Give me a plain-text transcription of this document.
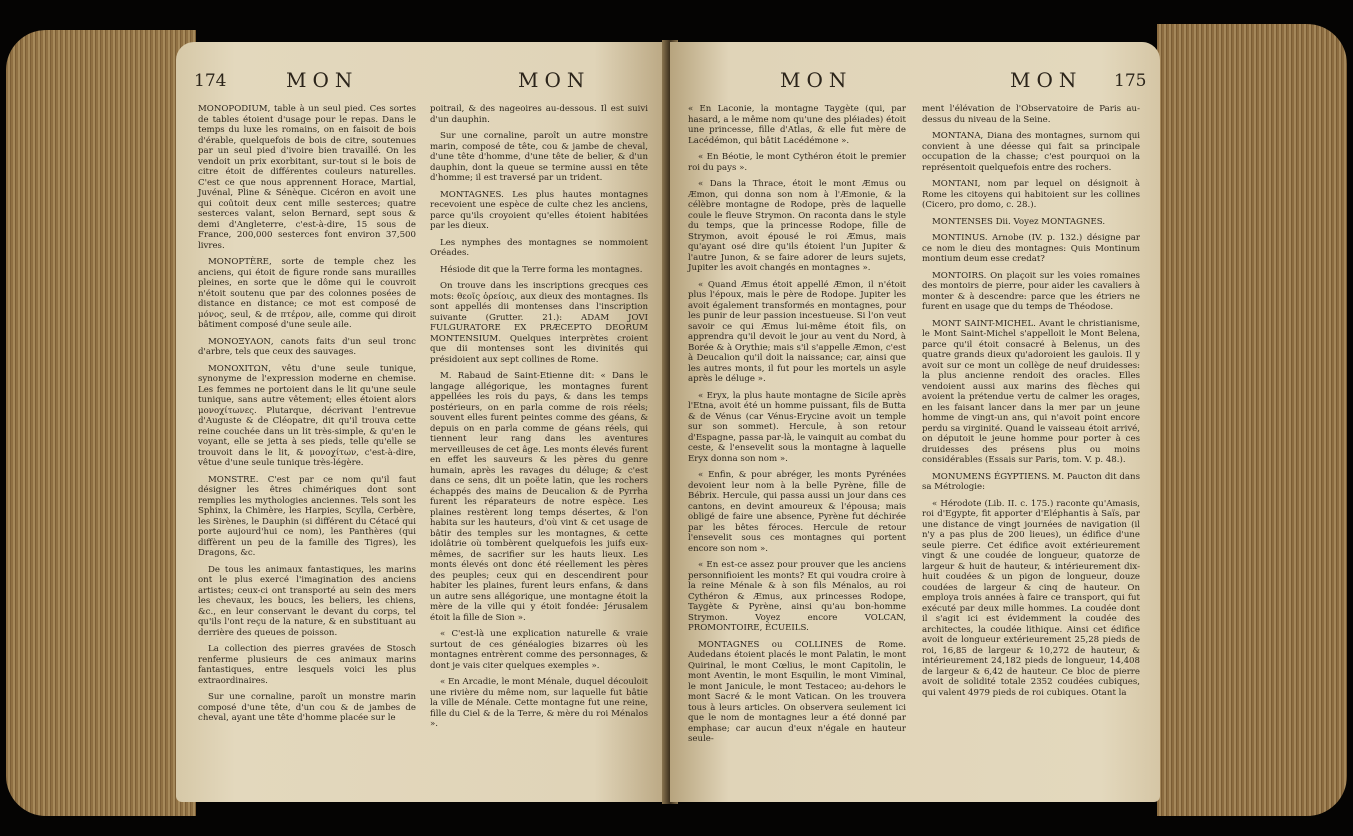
174	MON	MON

MONOPODIUM, table à un seul pied. Ces sortes de tables étoient d'usage pour le repas. Dans le temps du luxe les romains, on en faisoit de bois d'érable, quelquefois de bois de citre, soutenues par un seul pied d'ivoire bien travaillé. On les vendoit un prix exorbitant, sur-tout si le bois de citre étoit de différentes couleurs naturelles. C'est ce que nous apprennent Horace, Martial, Juvénal, Pline & Sénèque. Cicéron en avoit une qui coûtoit deux cent mille sesterces; quatre sesterces valant, selon Bernard, sept sous & demi d'Angleterre, c'est-à-dire, 15 sous de France, 200,000 sesterces font environ 37,500 livres.

MONOPTÈRE, sorte de temple chez les anciens, qui étoit de figure ronde sans murailles pleines, en sorte que le dôme qui le couvroit n'étoit soutenu que par des colonnes posées de distance en distance; ce mot est composé de μόνος, seul, & de πτέρον, aile, comme qui diroit bâtiment composé d'une seule aile.

ΜΟΝΟΞΥΛΟΝ, canots faits d'un seul tronc d'arbre, tels que ceux des sauvages.

ΜΟΝΟΧΙΤΩΝ, vêtu d'une seule tunique, synonyme de l'expression moderne en chemise. Les femmes ne portoient dans le lit qu'une seule tunique, sans autre vêtement; elles étoient alors μονοχίτωνες. Plutarque, décrivant l'entrevue d'Auguste & de Cléopatre, dit qu'il trouva cette reine couchée dans un lit très-simple, & qu'en le voyant, elle se jetta à ses pieds, telle qu'elle se trouvoit dans le lit, & μονοχίτων, c'est-à-dire, vêtue d'une seule tunique très-légère.

MONSTRE. C'est par ce nom qu'il faut désigner les êtres chimériques dont sont remplies les mythologies anciennes. Tels sont les Sphinx, la Chimère, les Harpies, Scylla, Cerbère, les Sirènes, le Dauphin (si différent du Cétacé qui porte aujourd'hui ce nom), les Panthères (qui diffèrent un peu de la famille des Tigres), les Dragons, &c.

De tous les animaux fantastiques, les marins ont le plus exercé l'imagination des anciens artistes; ceux-ci ont transporté au sein des mers les chevaux, les boucs, les beliers, les chiens, &c., en leur conservant le devant du corps, tel qu'ils l'ont reçu de la nature, & en substituant au derrière des queues de poisson.

La collection des pierres gravées de Stosch renferme plusieurs de ces animaux marins fantastiques, entre lesquels voici les plus extraordinaires.

Sur une cornaline, paroît un monstre marin composé d'une tête, d'un cou & de jambes de cheval, ayant une tête d'homme placée sur le

poitrail, & des nageoires au-dessous. Il est suivi d'un dauphin.

Sur une cornaline, paroît un autre monstre marin, composé de tête, cou & jambe de cheval, d'une tête d'homme, d'une tête de belier, & d'un dauphin, dont la queue se termine aussi en tête d'homme; il est traversé par un trident.

MONTAGNES. Les plus hautes montagnes recevoient une espèce de culte chez les anciens, parce qu'ils croyoient qu'elles étoient habitées par les dieux.

Les nymphes des montagnes se nommoient Oréades.

Hésiode dit que la Terre forma les montagnes.

On trouve dans les inscriptions grecques ces mots: θεοῖς ὀρείοις, aux dieux des montagnes. Ils sont appellés dii montenses dans l'inscription suivante (Grutter. 21.): ADAM JOVI FULGURATORE EX PRÆCEPTO DEORUM MONTENSIUM. Quelques interprètes croient que dii montenses sont les divinités qui présidoient aux sept collines de Rome.

M. Rabaud de Saint-Etienne dit: « Dans le langage allégorique, les montagnes furent appellées les rois du pays, & dans les temps postérieurs, on en parla comme de rois réels; souvent elles furent peintes comme des géans, & depuis on en parla comme de géans réels, qui tiennent leur rang dans les aventures merveilleuses de cet âge. Les monts élevés furent en effet les sauveurs & les pères du genre humain, après les ravages du déluge; & c'est dans ce sens, dit un poëte latin, que les rochers échappés des mains de Deucalion & de Pyrrha furent les réparateurs de notre espèce. Les plaines restèrent long temps désertes, & l'on habita sur les hauteurs, d'où vint & cet usage de bâtir des temples sur les montagnes, & cette idolâtrie où tombèrent quelquefois les juifs eux-mêmes, de sacrifier sur les hauts lieux. Les monts élevés ont donc été réellement les pères des peuples; ceux qui en descendirent pour habiter les plaines, furent leurs enfans, & dans un autre sens allégorique, une montagne étoit la mère de la ville qui y étoit fondée: Jérusalem étoit la fille de Sion ».

« C'est-là une explication naturelle & vraie surtout de ces généalogies bizarres où les montagnes entrèrent comme des personnages, & dont je vais citer quelques exemples ».

« En Arcadie, le mont Ménale, duquel découloit une rivière du même nom, sur laquelle fut bâtie la ville de Ménale. Cette montagne fut une reine, fille du Ciel & de la Terre, & mère du roi Ménalos ».

MON	MON 175

« En Laconie, la montagne Taygète (qui, par hasard, a le même nom qu'une des pléiades) étoit une princesse, fille d'Atlas, & elle fut mère de Lacédémon, qui bâtit Lacédémone ».

« En Béotie, le mont Cythéron étoit le premier roi du pays ».

« Dans la Thrace, étoit le mont Æmus ou Æmon, qui donna son nom à l'Æmonie, & la célèbre montagne de Rodope, près de laquelle coule le fleuve Strymon. On raconta dans le style du temps, que la princesse Rodope, fille de Strymon, avoit épousé le roi Æmus, mais qu'ayant osé dire qu'ils étoient l'un Jupiter & l'autre Junon, & se faire adorer de leurs sujets, Jupiter les avoit changés en montagnes ».

« Quand Æmus étoit appellé Æmon, il n'étoit plus l'époux, mais le père de Rodope. Jupiter les avoit également transformés en montagnes, pour les punir de leur passion incestueuse. Si l'on veut savoir ce qui Æmus lui-même étoit fils, on apprendra qu'il devoit le jour au vent du Nord, à Borée & à Orythie; mais s'il s'appelle Æmon, c'est à Deucalion qu'il doit la naissance; car, ainsi que les autres monts, il fut pour les mortels un asyle après le déluge ».

« Eryx, la plus haute montagne de Sicile après l'Etna, avoit été un homme puissant, fils de Butta & de Vénus (car Vénus-Erycine avoit un temple sur son sommet). Hercule, à son retour d'Espagne, passa par-là, le vainquit au combat du ceste, & l'ensevelit sous la montagne à laquelle Eryx donna son nom ».

« Enfin, & pour abréger, les monts Pyrénées devoient leur nom à la belle Pyrène, fille de Bébrix. Hercule, qui passa aussi un jour dans ces cantons, en devint amoureux & l'épousa; mais obligé de faire une absence, Pyrène fut déchirée par les bêtes féroces. Hercule de retour l'ensevelit sous ces montagnes qui portent encore son nom ».

« En est-ce assez pour prouver que les anciens personnifioient les monts? Et qui voudra croire à la reine Ménale & à son fils Ménalos, au roi Cythéron & Æmus, aux princesses Rodope, Taygète & Pyrène, ainsi qu'au bon-homme Strymon. Voyez encore VOLCAN, PROMONTOIRE, ÉCUEILS.

MONTAGNES ou COLLINES de Rome. Audedans étoient placés le mont Palatin, le mont Quirinal, le mont Cœlius, le mont Capitolin, le mont Aventin, le mont Esquilin, le mont Viminal, le mont Janicule, le mont Testaceo; au-dehors le mont Sacré & le mont Vatican. On les trouvera tous à leurs articles. On observera seulement ici que le nom de montagnes leur a été donné par emphase; car aucun d'eux n'égale en hauteur seule-

ment l'élévation de l'Observatoire de Paris au-dessus du niveau de la Seine.

MONTANA, Diana des montagnes, surnom qui convient à une déesse qui fait sa principale occupation de la chasse; c'est pourquoi on la représentoit quelquefois entre des rochers.

MONTANI, nom par lequel on désignoit à Rome les citoyens qui habitoient sur les collines (Cicero, pro domo, c. 28.).

MONTENSES Dii. Voyez MONTAGNES.

MONTINUS. Arnobe (IV. p. 132.) désigne par ce nom le dieu des montagnes: Quis Montinum montium deum esse credat?

MONTOIRS. On plaçoit sur les voies romaines des montoirs de pierre, pour aider les cavaliers à monter & à descendre: parce que les étriers ne furent en usage que du temps de Théodose.

MONT SAINT-MICHEL. Avant le christianisme, le Mont Saint-Michel s'appelloit le Mont Belena, parce qu'il étoit consacré à Belenus, un des quatre grands dieux qu'adoroient les gaulois. Il y avoit sur ce mont un collège de neuf druidesses: la plus ancienne rendoit des oracles. Elles vendoient aussi aux marins des flèches qui avoient la prétendue vertu de calmer les orages, en les faisant lancer dans la mer par un jeune homme de vingt-un ans, qui n'avoit point encore perdu sa virginité. Quand le vaisseau étoit arrivé, on députoit le jeune homme pour porter à ces druidesses des présens plus ou moins considérables (Essais sur Paris, tom. V. p. 48.).

MONUMENS ÉGYPTIENS. M. Paucton dit dans sa Métrologie:

« Hérodote (Lib. II. c. 175.) raconte qu'Amasis, roi d'Egypte, fit apporter d'Eléphantis à Saïs, par une distance de vingt journées de navigation (il n'y a pas plus de 200 lieues), un édifice d'une seule pierre. Cet édifice avoit extérieurement vingt & une coudée de longueur, quatorze de largeur & huit de hauteur, & intérieurement dix-huit coudées & un pigon de longueur, douze coudées de largeur & cinq de hauteur. On employa trois années à faire ce transport, qui fut exécuté par deux mille hommes. La coudée dont il s'agit ici est évidemment la coudée des architectes, la coudée lithique. Ainsi cet édifice avoit de longueur extérieurement 25,28 pieds de roi, 16,85 de largeur & 10,272 de hauteur, & intérieurement 24,182 pieds de longueur, 14,408 de largeur & 6,42 de hauteur. Ce bloc de pierre avoit de solidité totale 2352 coudées cubiques, qui valent 4979 pieds de roi cubiques. Otant la
